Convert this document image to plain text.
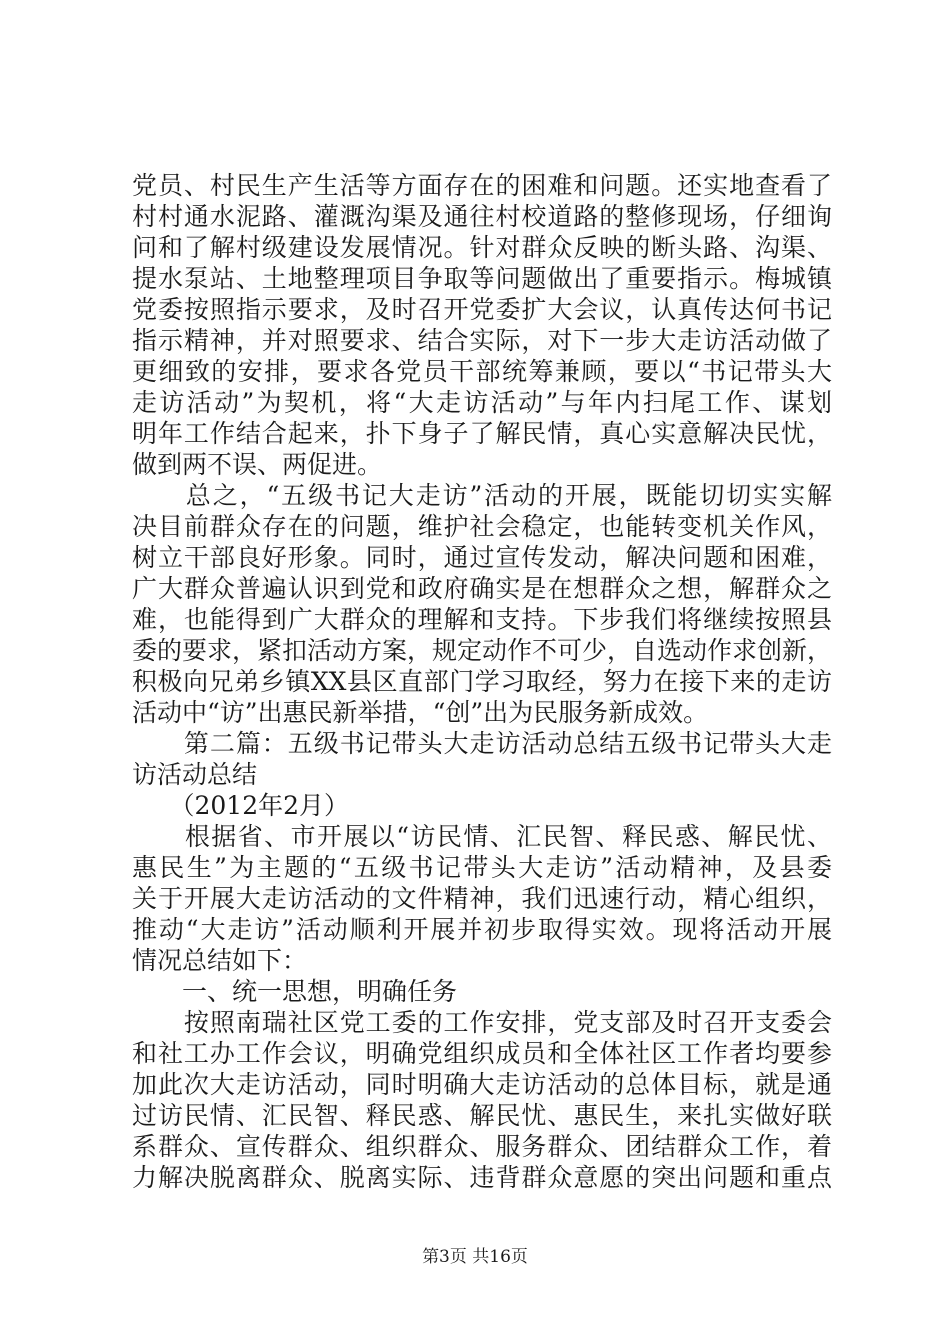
党员、村民生产生活等方面存在的困难和问题。还实地查看了
村村通水泥路、灌溉沟渠及通往村校道路的整修现场，仔细询
问和了解村级建设发展情况。针对群众反映的断头路、沟渠、
提水泵站、土地整理项目争取等问题做出了重要指示。梅城镇
党委按照指示要求，及时召开党委扩大会议，认真传达何书记
指示精神，并对照要求、结合实际，对下一步大走访活动做了
更细致的安排，要求各党员干部统筹兼顾，要以“书记带头大
走访活动”为契机，将“大走访活动”与年内扫尾工作、谋划
明年工作结合起来，扑下身子了解民情，真心实意解决民忧，
做到两不误、两促进。
　　总之，“五级书记大走访”活动的开展，既能切切实实解
决目前群众存在的问题，维护社会稳定，也能转变机关作风，
树立干部良好形象。同时，通过宣传发动，解决问题和困难，
广大群众普遍认识到党和政府确实是在想群众之想，解群众之
难，也能得到广大群众的理解和支持。下步我们将继续按照县
委的要求，紧扣活动方案，规定动作不可少，自选动作求创新，
积极向兄弟乡镇XX县区直部门学习取经，努力在接下来的走访
活动中“访”出惠民新举措，“创”出为民服务新成效。
　　第二篇：五级书记带头大走访活动总结五级书记带头大走
访活动总结
　　（2012年2月）
　　根据省、市开展以“访民情、汇民智、释民惑、解民忧、
惠民生”为主题的“五级书记带头大走访”活动精神，及县委
关于开展大走访活动的文件精神，我们迅速行动，精心组织，
推动“大走访”活动顺利开展并初步取得实效。现将活动开展
情况总结如下：
　　一、统一思想，明确任务
　　按照南瑞社区党工委的工作安排，党支部及时召开支委会
和社工办工作会议，明确党组织成员和全体社区工作者均要参
加此次大走访活动，同时明确大走访活动的总体目标，就是通
过访民情、汇民智、释民惑、解民忧、惠民生，来扎实做好联
系群众、宣传群众、组织群众、服务群众、团结群众工作，着
力解决脱离群众、脱离实际、违背群众意愿的突出问题和重点
第3页 共16页
